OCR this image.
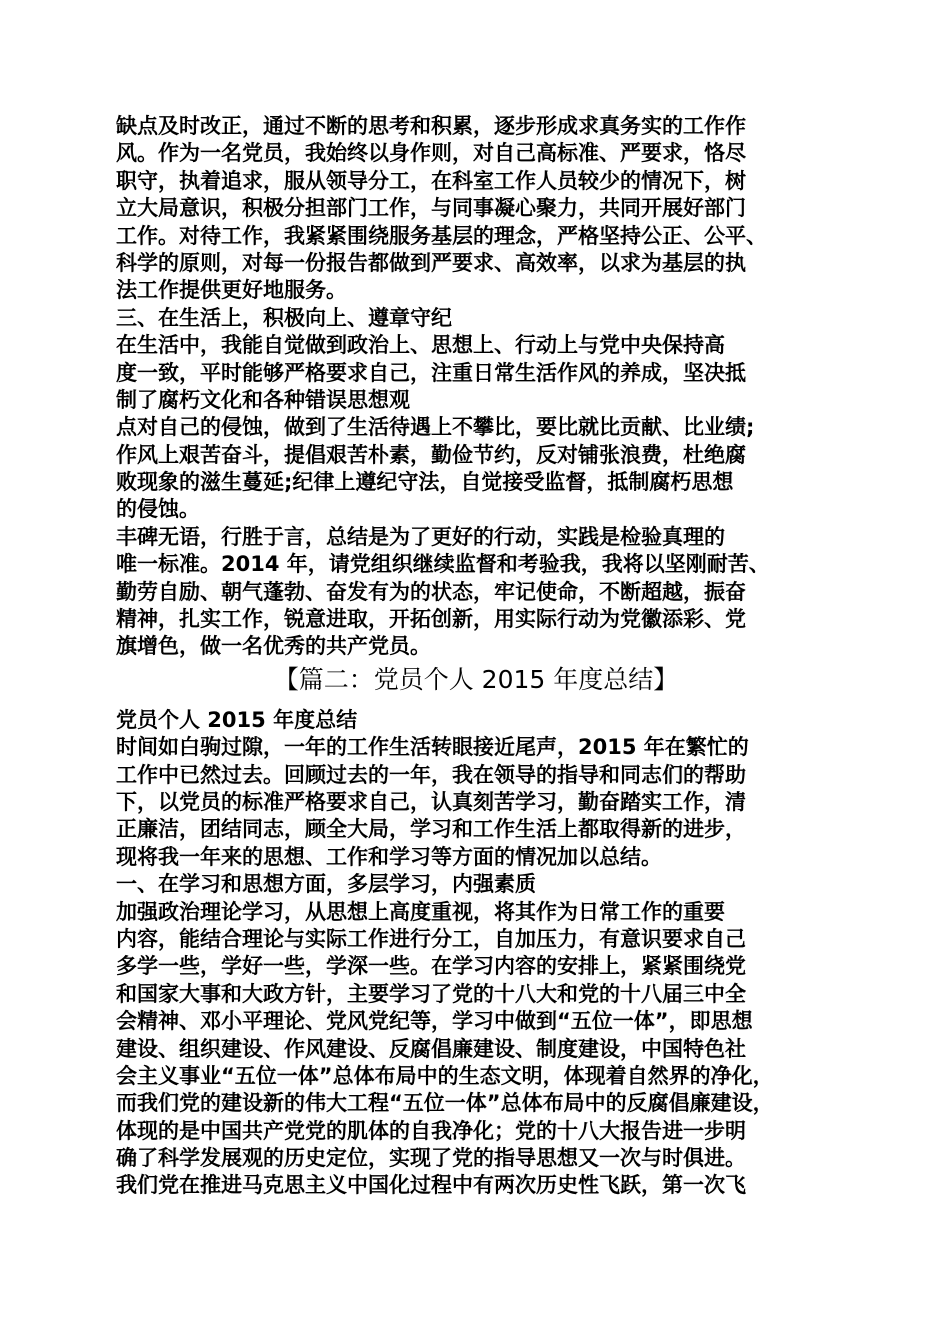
缺点及时改正，通过不断的思考和积累，逐步形成求真务实的工作作
风。作为一名党员，我始终以身作则，对自己高标准、严要求，恪尽
职守，执着追求，服从领导分工，在科室工作人员较少的情况下，树
立大局意识，积极分担部门工作，与同事凝心聚力，共同开展好部门
工作。对待工作，我紧紧围绕服务基层的理念，严格坚持公正、公平、
科学的原则，对每一份报告都做到严要求、高效率，以求为基层的执
法工作提供更好地服务。
三、在生活上，积极向上、遵章守纪
在生活中，我能自觉做到政治上、思想上、行动上与党中央保持高
度一致，平时能够严格要求自己，注重日常生活作风的养成，坚决抵
制了腐朽文化和各种错误思想观
点对自己的侵蚀，做到了生活待遇上不攀比，要比就比贡献、比业绩;
作风上艰苦奋斗，提倡艰苦朴素，勤俭节约，反对铺张浪费，杜绝腐
败现象的滋生蔓延;纪律上遵纪守法，自觉接受监督，抵制腐朽思想
的侵蚀。
丰碑无语，行胜于言，总结是为了更好的行动，实践是检验真理的
唯一标准。2014 年，请党组织继续监督和考验我，我将以坚刚耐苦、
勤劳自励、朝气蓬勃、奋发有为的状态，牢记使命，不断超越，振奋
精神，扎实工作，锐意进取，开拓创新，用实际行动为党徽添彩、党
旗增色，做一名优秀的共产党员。
【篇二：党员个人 2015 年度总结】
党员个人 2015 年度总结
时间如白驹过隙，一年的工作生活转眼接近尾声，2015 年在繁忙的
工作中已然过去。回顾过去的一年，我在领导的指导和同志们的帮助
下，以党员的标准严格要求自己，认真刻苦学习，勤奋踏实工作，清
正廉洁，团结同志，顾全大局，学习和工作生活上都取得新的进步，
现将我一年来的思想、工作和学习等方面的情况加以总结。
一、在学习和思想方面，多层学习，内强素质
加强政治理论学习，从思想上高度重视，将其作为日常工作的重要
内容，能结合理论与实际工作进行分工，自加压力，有意识要求自己
多学一些，学好一些，学深一些。在学习内容的安排上，紧紧围绕党
和国家大事和大政方针，主要学习了党的十八大和党的十八届三中全
会精神、邓小平理论、党风党纪等，学习中做到“五位一体”，即思想
建设、组织建设、作风建设、反腐倡廉建设、制度建设，中国特色社
会主义事业“五位一体”总体布局中的生态文明，体现着自然界的净化，
而我们党的建设新的伟大工程“五位一体”总体布局中的反腐倡廉建设，
体现的是中国共产党党的肌体的自我净化；党的十八大报告进一步明
确了科学发展观的历史定位，实现了党的指导思想又一次与时俱进。
我们党在推进马克思主义中国化过程中有两次历史性飞跃，第一次飞
